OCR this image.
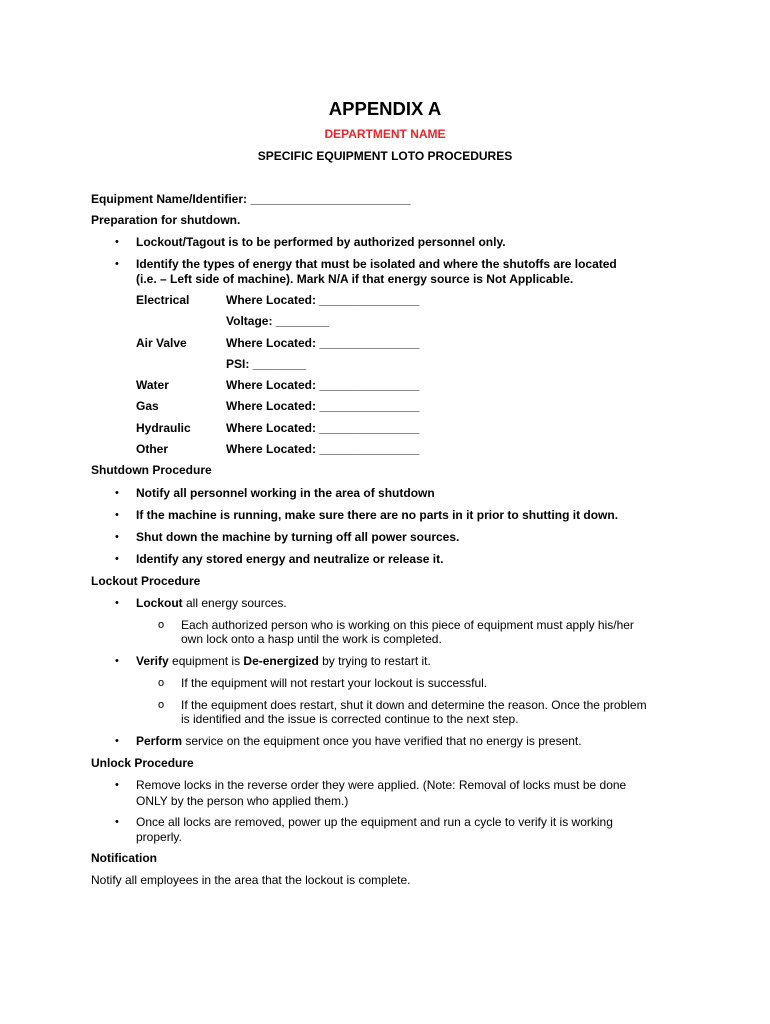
APPENDIX A
DEPARTMENT NAME
SPECIFIC EQUIPMENT LOTO PROCEDURES
Equipment Name/Identifier: ________________________
Preparation for shutdown.
• Lockout/Tagout is to be performed by authorized personnel only.
• Identify the types of energy that must be isolated and where the shutoffs are located
(i.e. – Left side of machine). Mark N/A if that energy source is Not Applicable.
Electrical	Where Located: _______________
Voltage: ________
Air Valve	Where Located: _______________
PSI: ________
Water	Where Located: _______________
Gas	Where Located: _______________
Hydraulic	Where Located: _______________
Other	Where Located: _______________
Shutdown Procedure
• Notify all personnel working in the area of shutdown
• If the machine is running, make sure there are no parts in it prior to shutting it down.
• Shut down the machine by turning off all power sources.
• Identify any stored energy and neutralize or release it.
Lockout Procedure
• Lockout all energy sources.
o Each authorized person who is working on this piece of equipment must apply his/her
own lock onto a hasp until the work is completed.
• Verify equipment is De-energized by trying to restart it.
o If the equipment will not restart your lockout is successful.
o If the equipment does restart, shut it down and determine the reason. Once the problem
is identified and the issue is corrected continue to the next step.
• Perform service on the equipment once you have verified that no energy is present.
Unlock Procedure
• Remove locks in the reverse order they were applied. (Note: Removal of locks must be done
ONLY by the person who applied them.)
• Once all locks are removed, power up the equipment and run a cycle to verify it is working
properly.
Notification
Notify all employees in the area that the lockout is complete.
